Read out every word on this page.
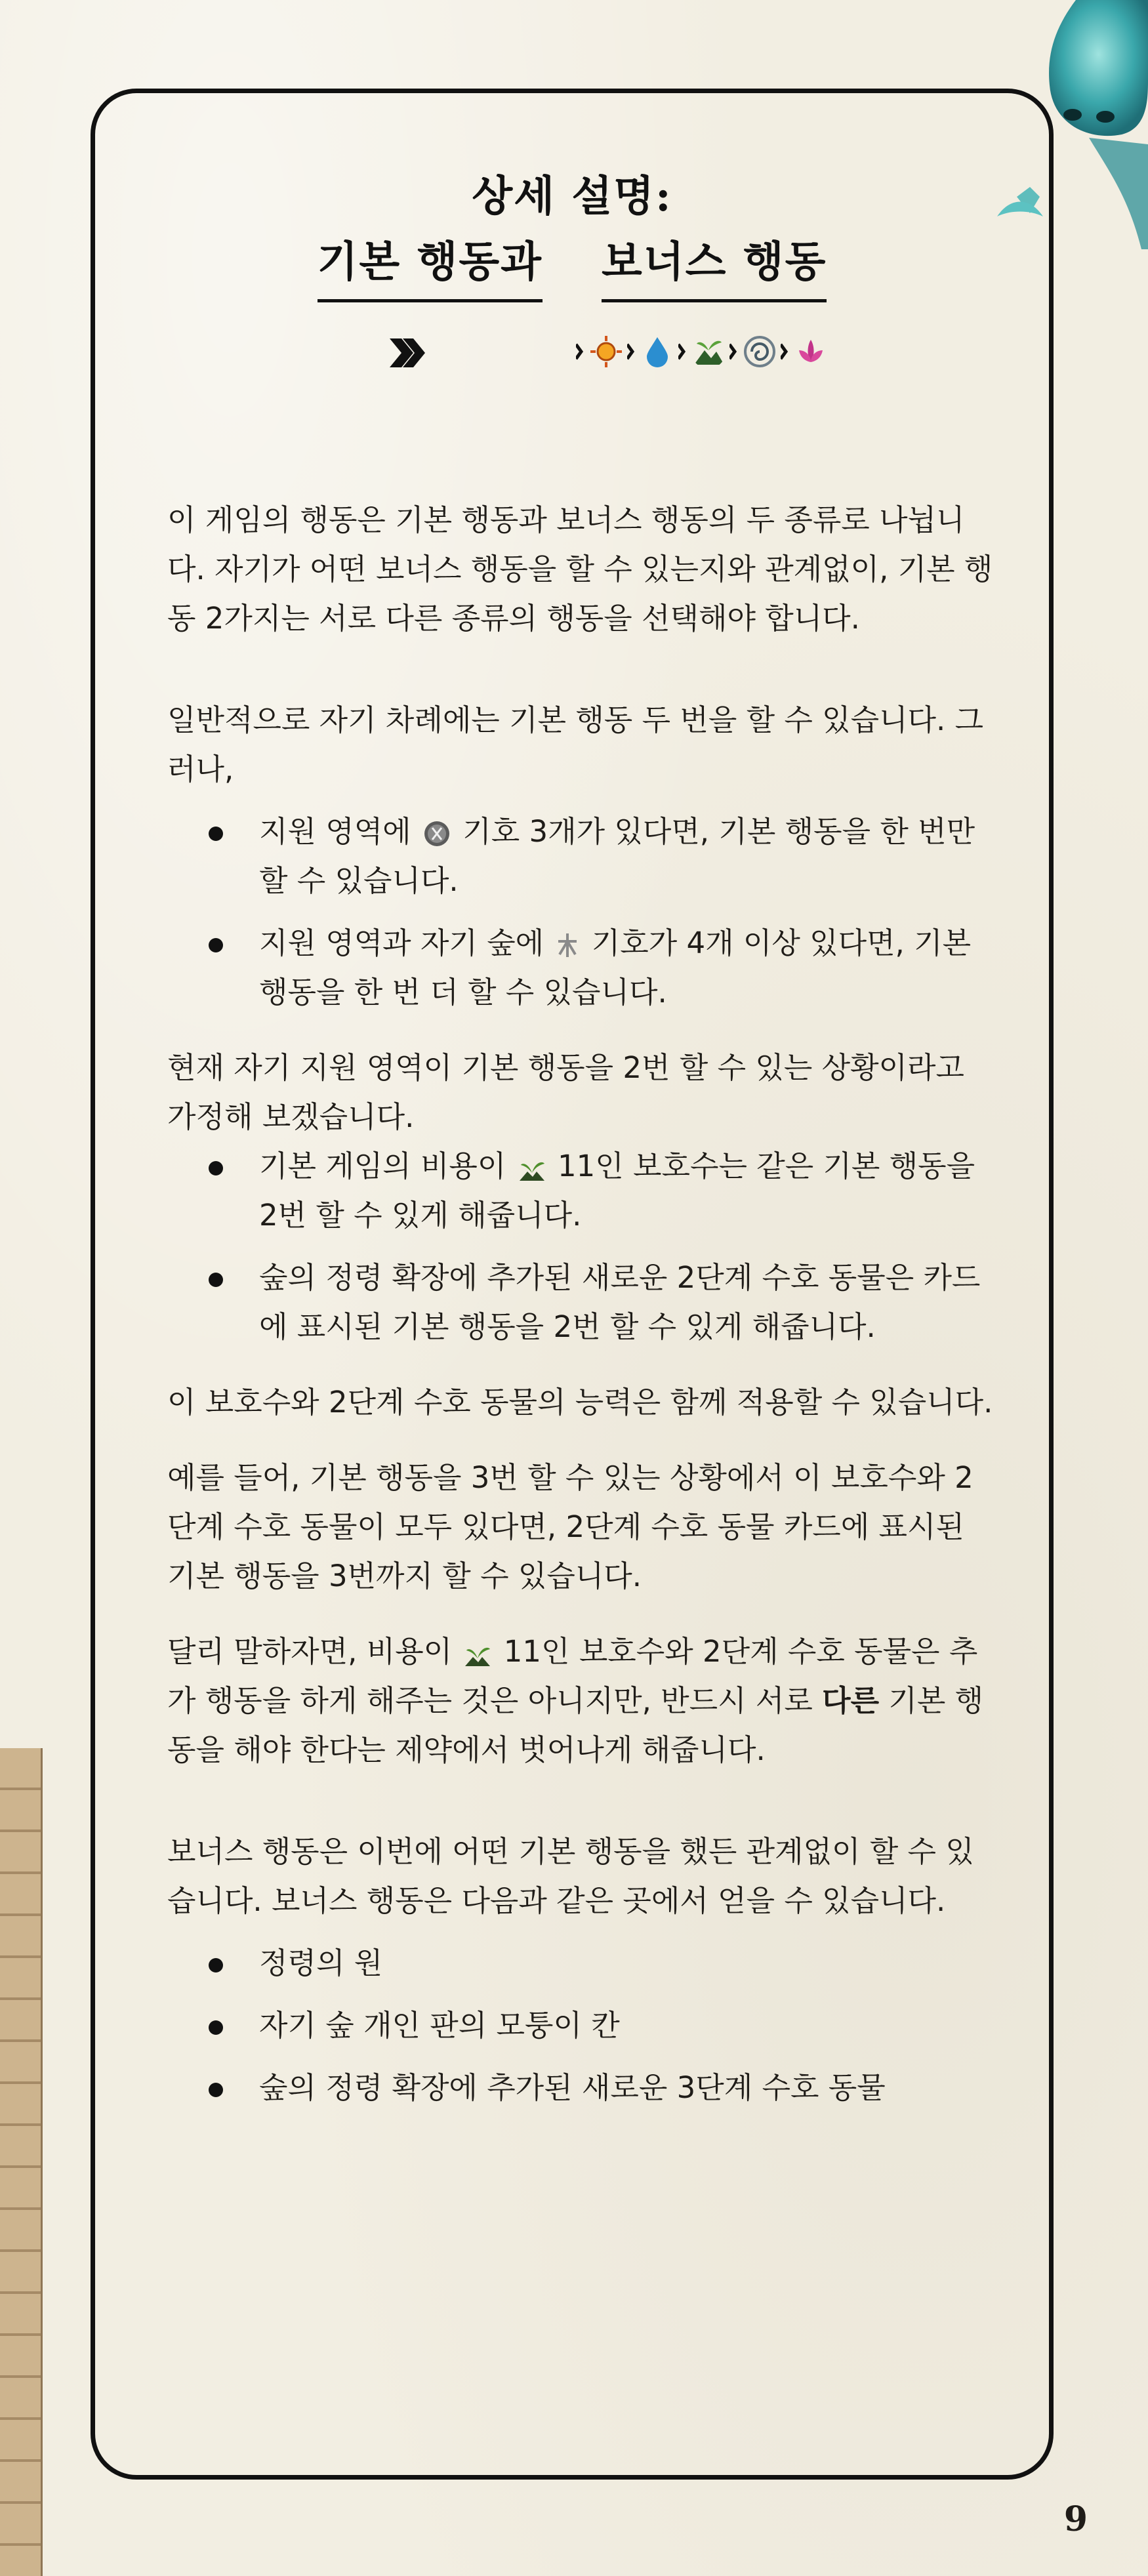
상세 설명:
기본 행동과 보너스 행동

이 게임의 행동은 기본 행동과 보너스 행동의 두 종류로 나뉩니다. 자기가 어떤 보너스 행동을 할 수 있는지와 관계없이, 기본 행동 2가지는 서로 다른 종류의 행동을 선택해야 합니다.

일반적으로 자기 차례에는 기본 행동 두 번을 할 수 있습니다. 그러나,

지원 영역에 기호 3개가 있다면, 기본 행동을 한 번만 할 수 있습니다.
지원 영역과 자기 숲에 기호가 4개 이상 있다면, 기본 행동을 한 번 더 할 수 있습니다.

현재 자기 지원 영역이 기본 행동을 2번 할 수 있는 상황이라고 가정해 보겠습니다.

기본 게임의 비용이 11인 보호수는 같은 기본 행동을 2번 할 수 있게 해줍니다.
숲의 정령 확장에 추가된 새로운 2단계 수호 동물은 카드에 표시된 기본 행동을 2번 할 수 있게 해줍니다.

이 보호수와 2단계 수호 동물의 능력은 함께 적용할 수 있습니다.

예를 들어, 기본 행동을 3번 할 수 있는 상황에서 이 보호수와 2단계 수호 동물이 모두 있다면, 2단계 수호 동물 카드에 표시된 기본 행동을 3번까지 할 수 있습니다.

달리 말하자면, 비용이 11인 보호수와 2단계 수호 동물은 추가 행동을 하게 해주는 것은 아니지만, 반드시 서로 다른 기본 행동을 해야 한다는 제약에서 벗어나게 해줍니다.

보너스 행동은 이번에 어떤 기본 행동을 했든 관계없이 할 수 있습니다. 보너스 행동은 다음과 같은 곳에서 얻을 수 있습니다.

정령의 원
자기 숲 개인 판의 모퉁이 칸
숲의 정령 확장에 추가된 새로운 3단계 수호 동물
9
